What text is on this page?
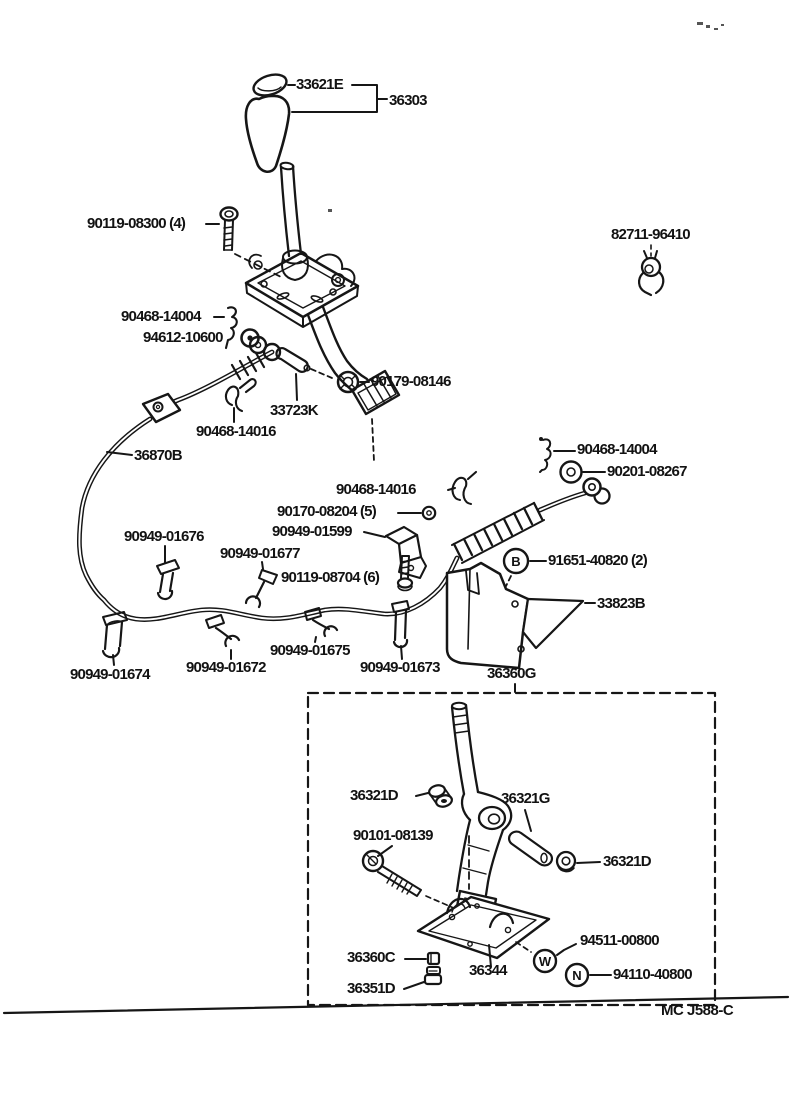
B
W
N
33621E
36303
90119-08300 (4)
82711-96410
90468-14004
94612-10600
90179-08146
33723K
90468-14016
36870B	90468-14004
90201-08267
90468-14016
90170-08204 (5)
90949-01599
90949-01676
90949-01677
90119-08704 (6)
91651-40820 (2)
33823B
90949-01674 90949-01672
90949-01675
90949-01673	36360G
36321D	36321G
90101-08139
36321D
94511-00800
36360C
36344	94110-40800
36351D
MC J588-C
